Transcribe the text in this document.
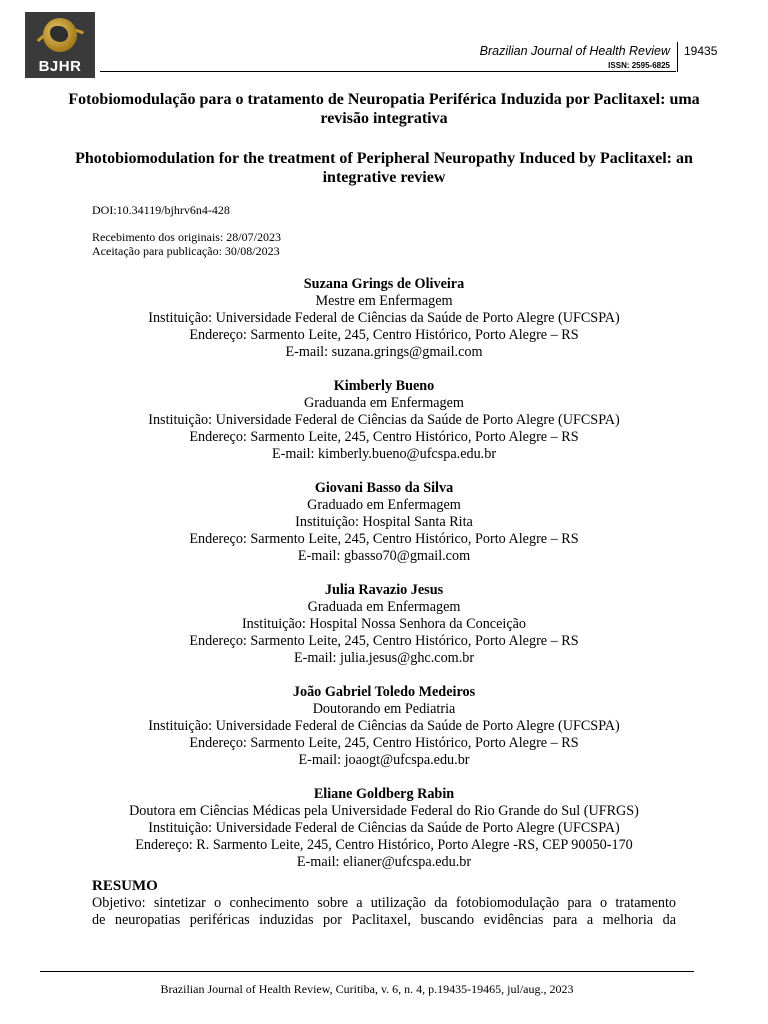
BJHR
Brazilian Journal of Health Review
ISSN: 2595-6825
19435

Fotobiomodulação para o tratamento de Neuropatia Periférica Induzida por Paclitaxel: uma revisão integrativa

Photobiomodulation for the treatment of Peripheral Neuropathy Induced by Paclitaxel: an integrative review

DOI:10.34119/bjhrv6n4-428
Recebimento dos originais: 28/07/2023
Aceitação para publicação: 30/08/2023
Suzana Grings de Oliveira
Mestre em Enfermagem
Instituição: Universidade Federal de Ciências da Saúde de Porto Alegre (UFCSPA)
Endereço: Sarmento Leite, 245, Centro Histórico, Porto Alegre – RS
E-mail: suzana.grings@gmail.com
Kimberly Bueno
Graduanda em Enfermagem
Instituição: Universidade Federal de Ciências da Saúde de Porto Alegre (UFCSPA)
Endereço: Sarmento Leite, 245, Centro Histórico, Porto Alegre – RS
E-mail: kimberly.bueno@ufcspa.edu.br
Giovani Basso da Silva
Graduado em Enfermagem
Instituição: Hospital Santa Rita
Endereço: Sarmento Leite, 245, Centro Histórico, Porto Alegre – RS
E-mail: gbasso70@gmail.com
Julia Ravazio Jesus
Graduada em Enfermagem
Instituição: Hospital Nossa Senhora da Conceição
Endereço: Sarmento Leite, 245, Centro Histórico, Porto Alegre – RS
E-mail: julia.jesus@ghc.com.br
João Gabriel Toledo Medeiros
Doutorando em Pediatria
Instituição: Universidade Federal de Ciências da Saúde de Porto Alegre (UFCSPA)
Endereço: Sarmento Leite, 245, Centro Histórico, Porto Alegre – RS
E-mail: joaogt@ufcspa.edu.br
Eliane Goldberg Rabin
Doutora em Ciências Médicas pela Universidade Federal do Rio Grande do Sul (UFRGS)
Instituição: Universidade Federal de Ciências da Saúde de Porto Alegre (UFCSPA)
Endereço: R. Sarmento Leite, 245, Centro Histórico, Porto Alegre -RS, CEP 90050-170
E-mail: elianer@ufcspa.edu.br
RESUMO
Objetivo: sintetizar o conhecimento sobre a utilização da fotobiomodulação para o tratamento
de neuropatias periféricas induzidas por Paclitaxel, buscando evidências para a melhoria da
Brazilian Journal of Health Review, Curitiba, v. 6, n. 4, p.19435-19465, jul/aug., 2023
